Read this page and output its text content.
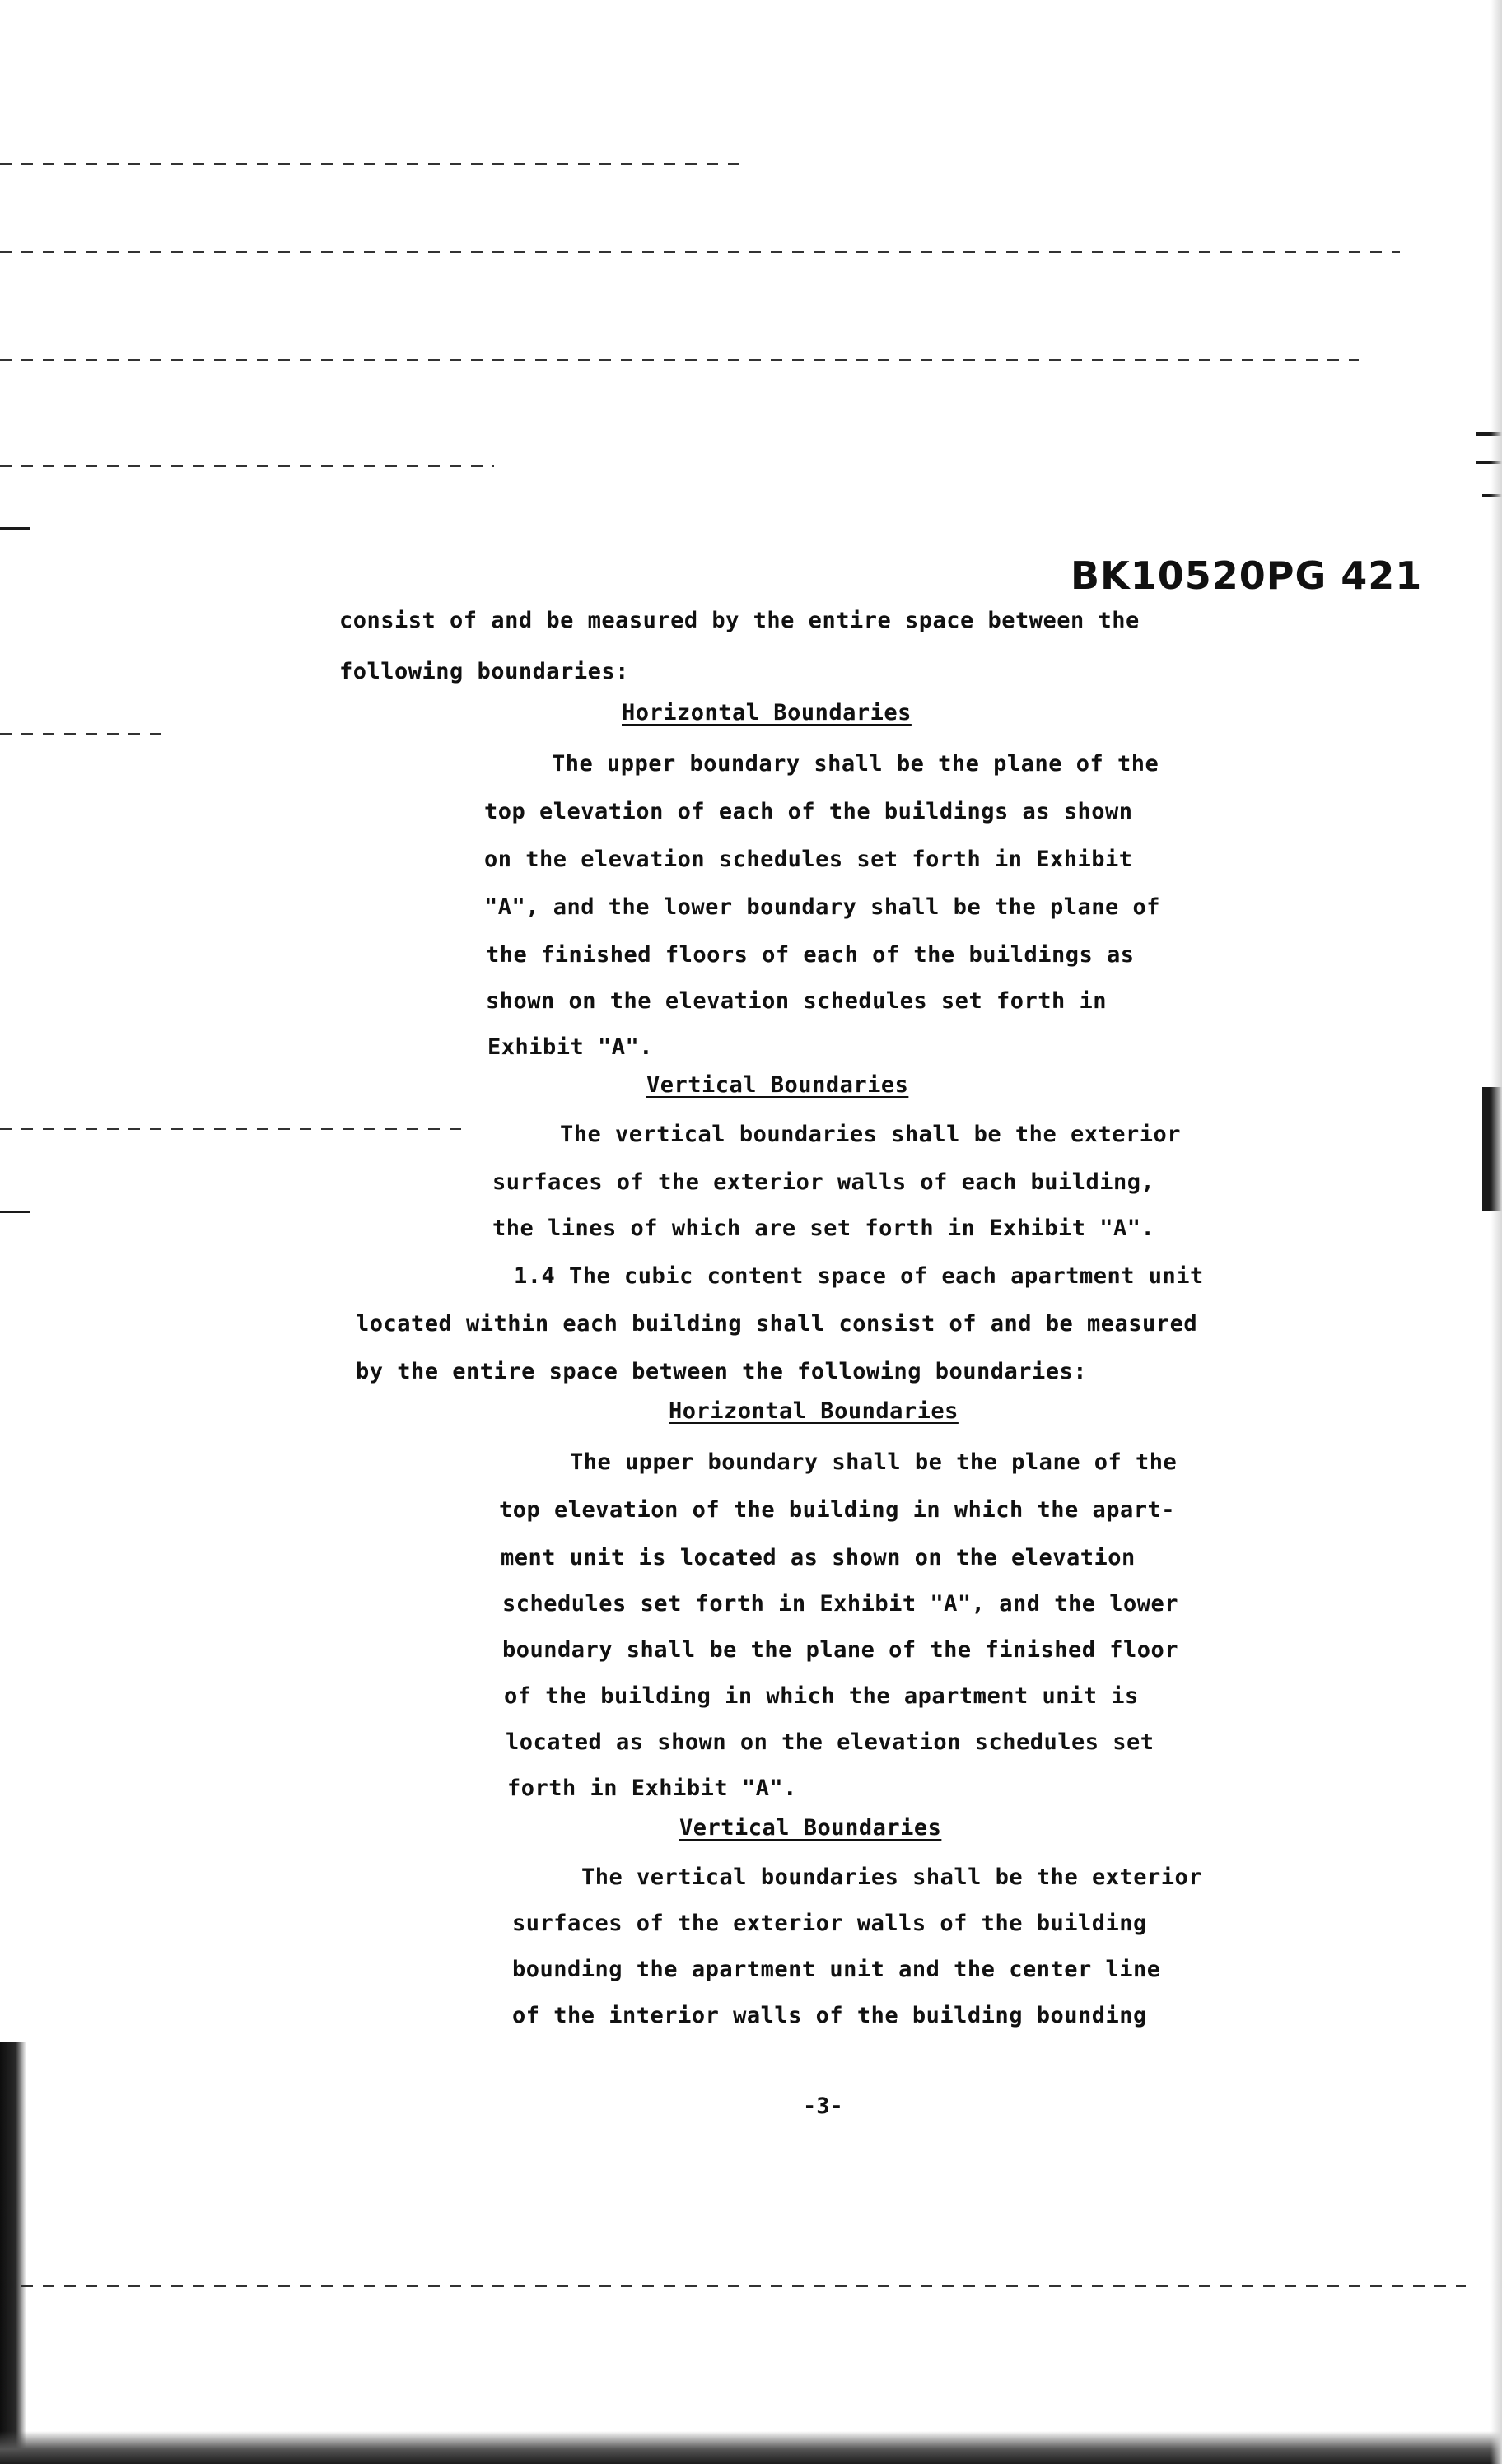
BK10520PG 421
consist of and be measured by the entire space between the
following boundaries:
Horizontal Boundaries
The upper boundary shall be the plane of the
top elevation of each of the buildings as shown
on the elevation schedules set forth in Exhibit
"A", and the lower boundary shall be the plane of
the finished floors of each of the buildings as
shown on the elevation schedules set forth in
Exhibit "A".
Vertical Boundaries
The vertical boundaries shall be the exterior
surfaces of the exterior walls of each building,
the lines of which are set forth in Exhibit "A".
1.4 The cubic content space of each apartment unit
located within each building shall consist of and be measured
by the entire space between the following boundaries:
Horizontal Boundaries
The upper boundary shall be the plane of the
top elevation of the building in which the apart-
ment unit is located as shown on the elevation
schedules set forth in Exhibit "A", and the lower
boundary shall be the plane of the finished floor
of the building in which the apartment unit is
located as shown on the elevation schedules set
forth in Exhibit "A".
Vertical Boundaries
The vertical boundaries shall be the exterior
surfaces of the exterior walls of the building
bounding the apartment unit and the center line
of the interior walls of the building bounding
-3-
